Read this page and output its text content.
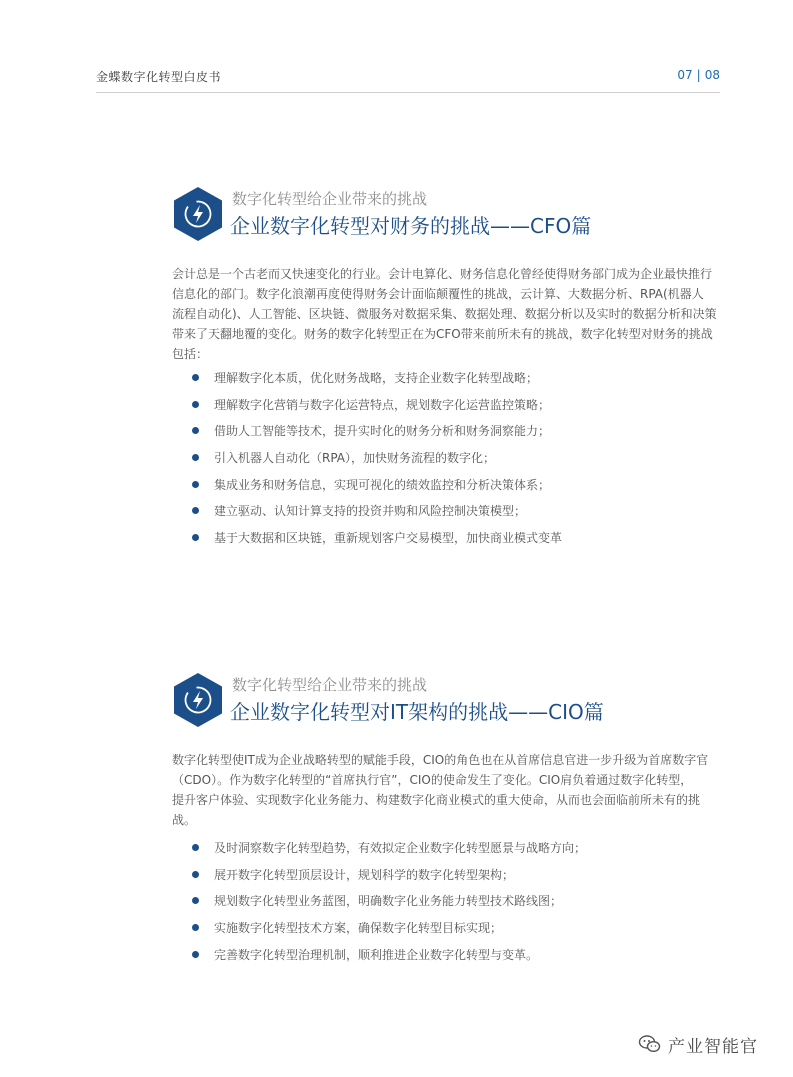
金蝶数字化转型白皮书	07 | 08
数字化转型给企业带来的挑战
企业数字化转型对财务的挑战——CFO篇
会计总是一个古老而又快速变化的行业。会计电算化、财务信息化曾经使得财务部门成为企业最快推行
信息化的部门。数字化浪潮再度使得财务会计面临颠覆性的挑战，云计算、大数据分析、RPA(机器人
流程自动化)、人工智能、区块链、微服务对数据采集、数据处理、数据分析以及实时的数据分析和决策
带来了天翻地覆的变化。财务的数字化转型正在为CFO带来前所未有的挑战，数字化转型对财务的挑战
包括：
理解数字化本质，优化财务战略，支持企业数字化转型战略；
理解数字化营销与数字化运营特点，规划数字化运营监控策略；
借助人工智能等技术，提升实时化的财务分析和财务洞察能力；
引入机器人自动化（RPA），加快财务流程的数字化；
集成业务和财务信息，实现可视化的绩效监控和分析决策体系；
建立驱动、认知计算支持的投资并购和风险控制决策模型；
基于大数据和区块链，重新规划客户交易模型，加快商业模式变革
数字化转型给企业带来的挑战
企业数字化转型对IT架构的挑战——CIO篇
数字化转型使IT成为企业战略转型的赋能手段，CIO的角色也在从首席信息官进一步升级为首席数字官
（CDO）。作为数字化转型的“首席执行官”，CIO的使命发生了变化。CIO肩负着通过数字化转型，
提升客户体验、实现数字化业务能力、构建数字化商业模式的重大使命，从而也会面临前所未有的挑
战。
及时洞察数字化转型趋势，有效拟定企业数字化转型愿景与战略方向；
展开数字化转型顶层设计，规划科学的数字化转型架构；
规划数字化转型业务蓝图，明确数字化业务能力转型技术路线图；
实施数字化转型技术方案，确保数字化转型目标实现；
完善数字化转型治理机制，顺利推进企业数字化转型与变革。
产业智能官
